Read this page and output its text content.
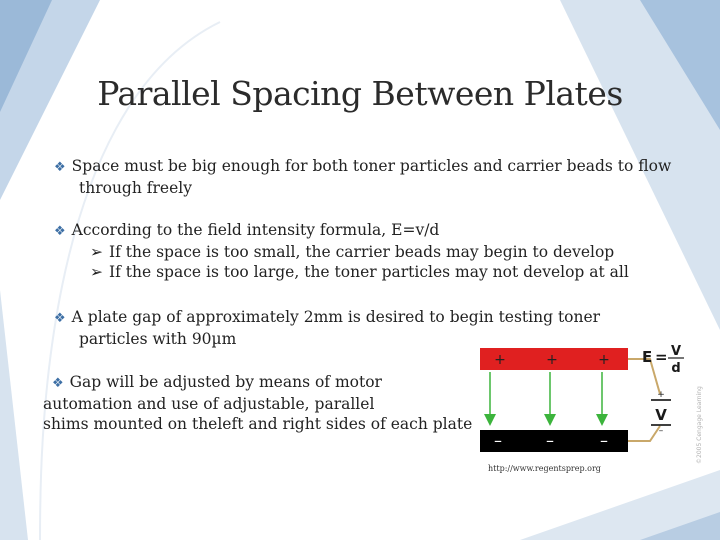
Parallel Spacing Between Plates
❖ Space must be big enough for both toner particles and carrier beads to flow
through freely
❖ According to the field intensity formula, E=v/d
➢ If the space is too small, the carrier beads may begin to develop
➢ If the space is too large, the toner particles may not develop at all
❖ A plate gap of approximately 2mm is desired to begin testing toner
particles with 90µm
❖ Gap will be adjusted by means of motor
automation and use of adjustable, parallel
shims mounted on theleft and right sides of each plate
+	+	+
–	–	–
+
V
–
E = V
d
©2005 Cengage Learning
http://www.regentsprep.org
